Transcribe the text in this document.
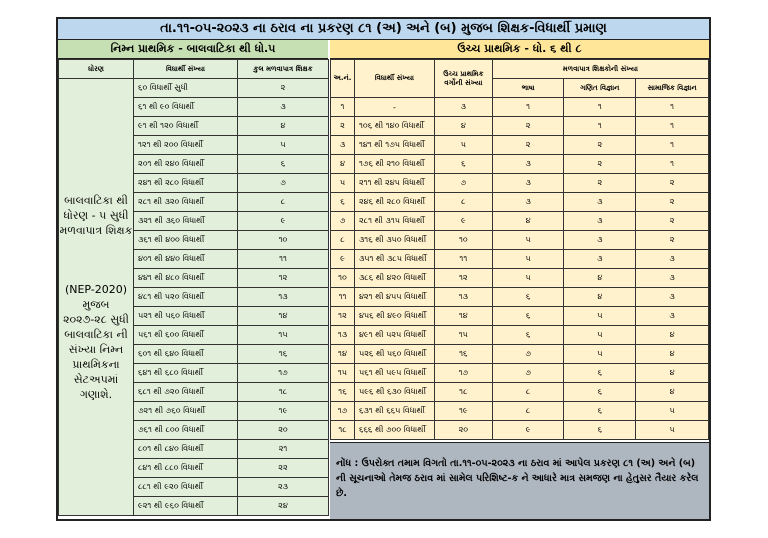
તા.૧૧-૦૫-૨૦૨૩ ના ઠરાવ ના પ્રકરણ ૮૧ (અ) અને (બ) મુજબ શિક્ષક-વિધાર્થી પ્રમાણ
નિમ્ન પ્રાથમિક - બાલવાટિકા થી ધો.૫	ઉચ્ચ પ્રાથમિક - ધો. ૬ થી ૮
ધોરણ	વિધાર્થી સંખ્યા	કુલ મળવાપાત્ર શિક્ષક

બાલવાટિકા થી ધોરણ - ૫ સુધી મળવાપાત્ર શિક્ષક
(NEP-2020) મુજબ ૨૦૨૭-૨૮ સુધી બાલવાટિકા ની સંખ્યા નિમ્ન પ્રાથમિકના સેટઅપમાં ગણાશે.	૬૦ વિધાર્થી સુધી	૨
	૬૧ થી ૯૦ વિધાર્થી	૩
	૯૧ થી ૧૨૦ વિધાર્થી	૪
	૧૨૧ થી ૨૦૦ વિધાર્થી	૫
	૨૦૧ થી ૨૪૦ વિધાર્થી	૬
	૨૪૧ થી ૨૮૦ વિધાર્થી	૭
	૨૮૧ થી ૩૨૦ વિધાર્થી	૮
	૩૨૧ થી ૩૬૦ વિધાર્થી	૯
	૩૬૧ થી ૪૦૦ વિધાર્થી	૧૦
	૪૦૧ થી ૪૪૦ વિધાર્થી	૧૧
	૪૪૧ થી ૪૮૦ વિધાર્થી	૧૨
	૪૮૧ થી ૫૨૦ વિધાર્થી	૧૩
	૫૨૧ થી ૫૬૦ વિધાર્થી	૧૪
	૫૬૧ થી ૬૦૦ વિધાર્થી	૧૫
	૬૦૧ થી ૬૪૦ વિધાર્થી	૧૬
	૬૪૧ થી ૬૮૦ વિધાર્થી	૧૭
	૬૮૧ થી ૭૨૦ વિધાર્થી	૧૮
	૭૨૧ થી ૭૬૦ વિધાર્થી	૧૯
	૭૬૧ થી ૮૦૦ વિધાર્થી	૨૦
	૮૦૧ થી ૮૪૦ વિધાર્થી	૨૧
	૮૪૧ થી ૮૮૦ વિધાર્થી	૨૨
	૮૮૧ થી ૯૨૦ વિધાર્થી	૨૩
	૯૨૧ થી ૯૬૦ વિધાર્થી	૨૪
અ.નં.	વિધાર્થી સંખ્યા	ઉચ્ચ પ્રાથમિક વર્ગોની સંખ્યા	મળવાપાત્ર શિક્ષકોની સંખ્યા		
			ભાષા	ગણિત વિજ્ઞાન	સામાજિક વિજ્ઞાન
૧	-	૩	૧	૧	૧
૨	૧૦૬ થી ૧૪૦ વિધાર્થી	૪	૨	૧	૧
૩	૧૪૧ થી ૧૭૫ વિધાર્થી	૫	૨	૨	૧
૪	૧૭૬ થી ૨૧૦ વિધાર્થી	૬	૩	૨	૧
૫	૨૧૧ થી ૨૪૫ વિધાર્થી	૭	૩	૨	૨
૬	૨૪૬ થી ૨૮૦ વિધાર્થી	૮	૩	૩	૨
૭	૨૮૧ થી ૩૧૫ વિધાર્થી	૯	૪	૩	૨
૮	૩૧૬ થી ૩૫૦ વિધાર્થી	૧૦	૫	૩	૨
૯	૩૫૧ થી ૩૮૫ વિધાર્થી	૧૧	૫	૩	૩
૧૦	૩૮૬ થી ૪૨૦ વિધાર્થી	૧૨	૫	૪	૩
૧૧	૪૨૧ થી ૪૫૫ વિધાર્થી	૧૩	૬	૪	૩
૧૨	૪૫૬ થી ૪૯૦ વિધાર્થી	૧૪	૬	૫	૩
૧૩	૪૯૧ થી ૫૨૫ વિધાર્થી	૧૫	૬	૫	૪
૧૪	૫૨૬ થી ૫૬૦ વિધાર્થી	૧૬	૭	૫	૪
૧૫	૫૬૧ થી ૫૯૫ વિધાર્થી	૧૭	૭	૬	૪
૧૬	૫૯૬ થી ૬૩૦ વિધાર્થી	૧૮	૮	૬	૪
૧૭	૬૩૧ થી ૬૬૫ વિધાર્થી	૧૯	૮	૬	૫
૧૮	૬૬૬ થી ૭૦૦ વિધાર્થી	૨૦	૯	૬	૫
નોંધ : ઉપરોક્ત તમામ વિગતો તા.૧૧-૦૫-૨૦૨૩ ના ઠરાવ માં આપેલ પ્રકરણ ૮૧ (અ) અને (બ) ની સૂચનાઓ તેમજ ઠરાવ માં સામેલ પરિશિષ્ટ-ક ને આધારે માત્ર સમજણ ના હેતુસર તૈયાર કરેલ છે.
